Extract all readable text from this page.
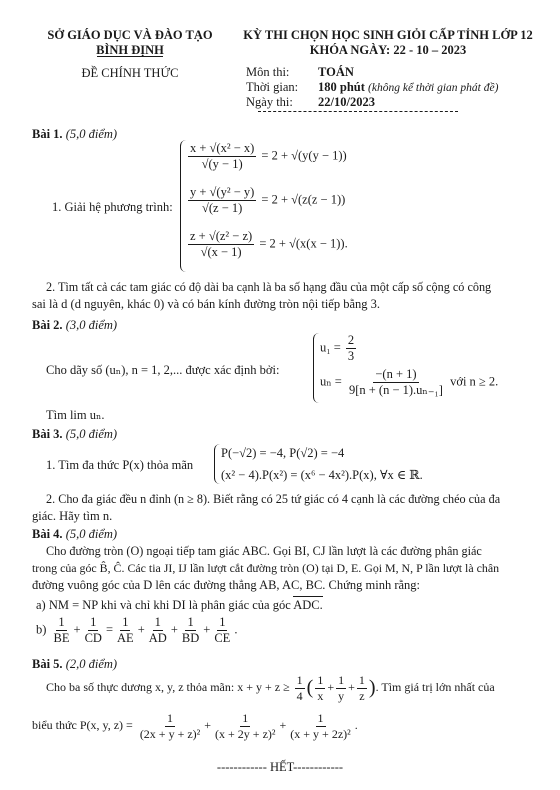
SỞ GIÁO DỤC VÀ ĐÀO TẠO
BÌNH ĐỊNH
ĐỀ CHÍNH THỨC
KỲ THI CHỌN HỌC SINH GIỎI CẤP TỈNH LỚP 12
KHÓA NGÀY: 22 - 10 – 2023
Môn thi: TOÁN
Thời gian: 180 phút (không kể thời gian phát đề)
Ngày thi: 22/10/2023
Bài 1. (5,0 điểm)
1. Giải hệ phương trình:
$\frac{\text{x + √(x² − x)}}{√(y - 1)} = 2 + √(y(y - 1))$
$\frac{\text{y + √(y² − y)}}{√(z - 1)} = 2 + √(z(z - 1))$
$\frac{\text{z + √(z² − z)}}{√(x - 1)} = 2 + √(x(x - 1))$.
2. Tìm tất cả các tam giác có độ dài ba cạnh là ba số hạng đầu của một cấp số cộng có công
sai là d (d nguyên, khác 0) và có bán kính đường tròn nội tiếp bằng 3.
Bài 2. (3,0 điểm)
Cho dãy số (uₙ), n = 1, 2,... được xác định bởi:
$u_1 = \frac{2}{3}$
$u_n = \frac{-(n + 1)}{\text{9[n + (n − 1).uₙ₋₁]}}$ với n ≥ 2.
Tìm lim uₙ.
Bài 3. (5,0 điểm)
1. Tìm đa thức P(x) thỏa mãn
P(−√2) = −4, P(√2) = −4
(x² − 4).P(x²) = (x⁶ − 4x²).P(x), ∀x ∈ ℝ.
2. Cho đa giác đều n đỉnh (n ≥ 8). Biết rằng có 25 tứ giác có 4 cạnh là các đường chéo của đa
giác. Hãy tìm n.
Bài 4. (5,0 điểm)
Cho đường tròn (O) ngoại tiếp tam giác ABC. Gọi BI, CJ lần lượt là các đường phân giác
trong của góc B̂, Ĉ. Các tia JI, IJ lần lượt cắt đường tròn (O) tại D, E. Gọi M, N, P lần lượt là chân
đường vuông góc của D lên các đường thẳng AB, AC, BC. Chứng minh rằng:
a) NM = NP khi và chỉ khi DI là phân giác của góc ADC.
$b) \frac{1}{BE} + \frac{1}{CD} = \frac{1}{AE} + \frac{1}{AD} + \frac{1}{BD} + \frac{1}{CE}$ .
Bài 5. (2,0 điểm)
Cho ba số thực dương x, y, z thỏa mãn: $x + y + z \ge \frac{1}{4}$ ( $\frac{1}{x} + \frac{1}{y} + \frac{1}{z}$ ). Tìm giá trị lớn nhất của
biểu thức P(x, y, $z) = \frac{1}{\text{(2x + y + z)²}} + \frac{1}{\text{(x + 2y + z)²}} + \frac{1}{\text{(x + y + 2z)²}}$ .
------------ HẾT------------
